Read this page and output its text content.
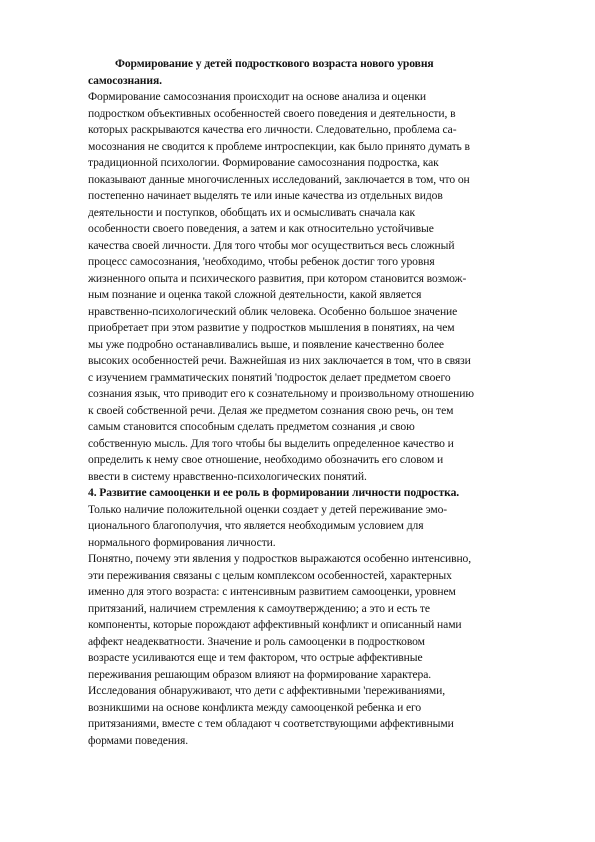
Формирование у детей подросткового возраста нового уровня
самосознания.
Формирование самосознания происходит на основе анализа и оценки
подростком объективных особенностей своего поведения и деятельности, в
которых раскрываются качества его личности. Следовательно, проблема са-
мосознания не сводится к проблеме интроспекции, как было принято думать в
традиционной психологии. Формирование самосознания подростка, как
показывают данные многочисленных исследований, заключается в том, что он
постепенно начинает выделять те или иные качества из отдельных видов
деятельности и поступков, обобщать их и осмысливать сначала как
особенности своего поведения, а затем и как относительно устойчивые
качества своей личности. Для того чтобы мог осуществиться весь сложный
процесс самосознания, 'необходимо, чтобы ребенок достиг того уровня
жизненного опыта и психического развития, при котором становится возмож-
ным познание и оценка такой сложной деятельности, какой является
нравственно-психологический облик человека. Особенно большое значение
приобретает при этом развитие у подростков мышления в понятиях, на чем
мы уже подробно останавливались выше, и появление качественно более
высоких особенностей речи. Важнейшая из них заключается в том, что в связи
с изучением грамматических понятий 'подросток делает предметом своего
сознания язык, что приводит его к сознательному и произвольному отношению
к своей собственной речи. Делая же предметом сознания свою речь, он тем
самым становится способным сделать предметом сознания ,и свою
собственную мысль. Для того чтобы бы выделить определенное качество и
определить к нему свое отношение, необходимо обозначить его словом и
ввести в систему нравственно-психологических понятий.
4. Развитие самооценки и ее роль в формировании личности подростка.
Только наличие положительной оценки создает у детей переживание эмо-
ционального благополучия, что является необходимым условием для
нормального формирования личности.
Понятно, почему эти явления у подростков выражаются особенно интенсивно,
эти переживания связаны с целым комплексом особенностей, характерных
именно для этого возраста: с интенсивным развитием самооценки, уровнем
притязаний, наличием стремления к самоутверждению; а это и есть те
компоненты, которые порождают аффективный конфликт и описанный нами
аффект неадекватности. Значение и роль самооценки в подростковом
возрасте усиливаются еще и тем фактором, что острые аффективные
переживания решающим образом влияют на формирование характера.
Исследования обнаруживают, что дети с аффективными 'переживаниями,
возникшими на основе конфликта между самооценкой ребенка и его
притязаниями, вместе с тем обладают ч соответствующими аффективными
формами поведения.
